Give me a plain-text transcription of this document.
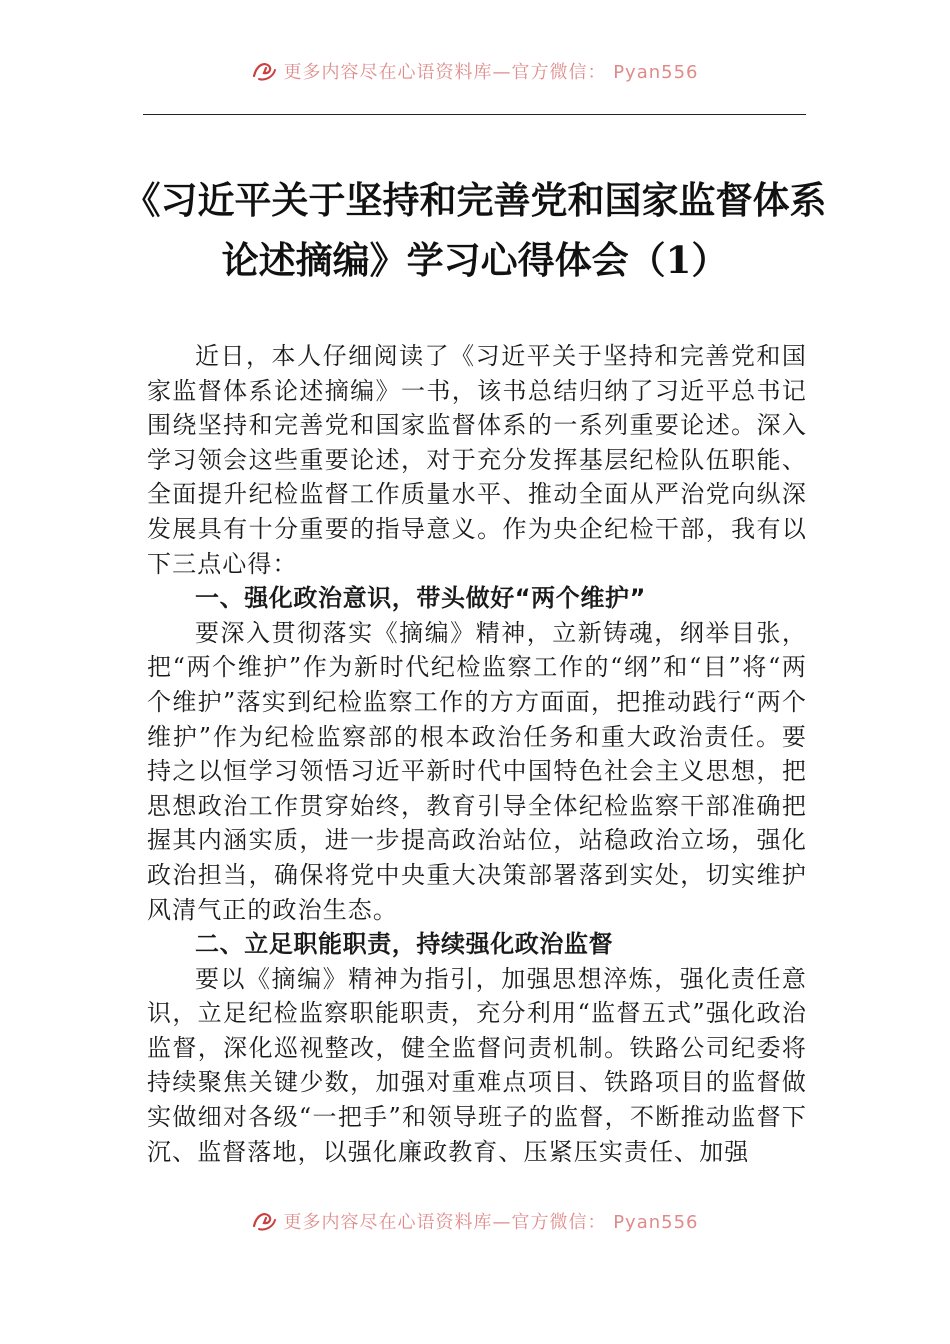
更多内容尽在心语资料库—官方微信： Pyan556
《习近平关于坚持和完善党和国家监督体系论述摘编》学习心得体会（1）

近日，本人仔细阅读了《习近平关于坚持和完善党和国家监督体系论述摘编》一书，该书总结归纳了习近平总书记围绕坚持和完善党和国家监督体系的一系列重要论述。深入学习领会这些重要论述，对于充分发挥基层纪检队伍职能、全面提升纪检监督工作质量水平、推动全面从严治党向纵深发展具有十分重要的指导意义。作为央企纪检干部，我有以下三点心得：

一、强化政治意识，带头做好“两个维护”

要深入贯彻落实《摘编》精神，立新铸魂，纲举目张，把“两个维护”作为新时代纪检监察工作的“纲”和“目”将“两个维护”落实到纪检监察工作的方方面面，把推动践行“两个维护”作为纪检监察部的根本政治任务和重大政治责任。要持之以恒学习领悟习近平新时代中国特色社会主义思想，把思想政治工作贯穿始终，教育引导全体纪检监察干部准确把握其内涵实质，进一步提高政治站位，站稳政治立场，强化政治担当，确保将党中央重大决策部署落到实处，切实维护风清气正的政治生态。

二、立足职能职责，持续强化政治监督

要以《摘编》精神为指引，加强思想淬炼，强化责任意识，立足纪检监察职能职责，充分利用“监督五式”强化政治监督，深化巡视整改，健全监督问责机制。铁路公司纪委将持续聚焦关键少数，加强对重难点项目、铁路项目的监督做实做细对各级“一把手”和领导班子的监督，不断推动监督下沉、监督落地，以强化廉政教育、压紧压实责任、加强

更多内容尽在心语资料库—官方微信： Pyan556
